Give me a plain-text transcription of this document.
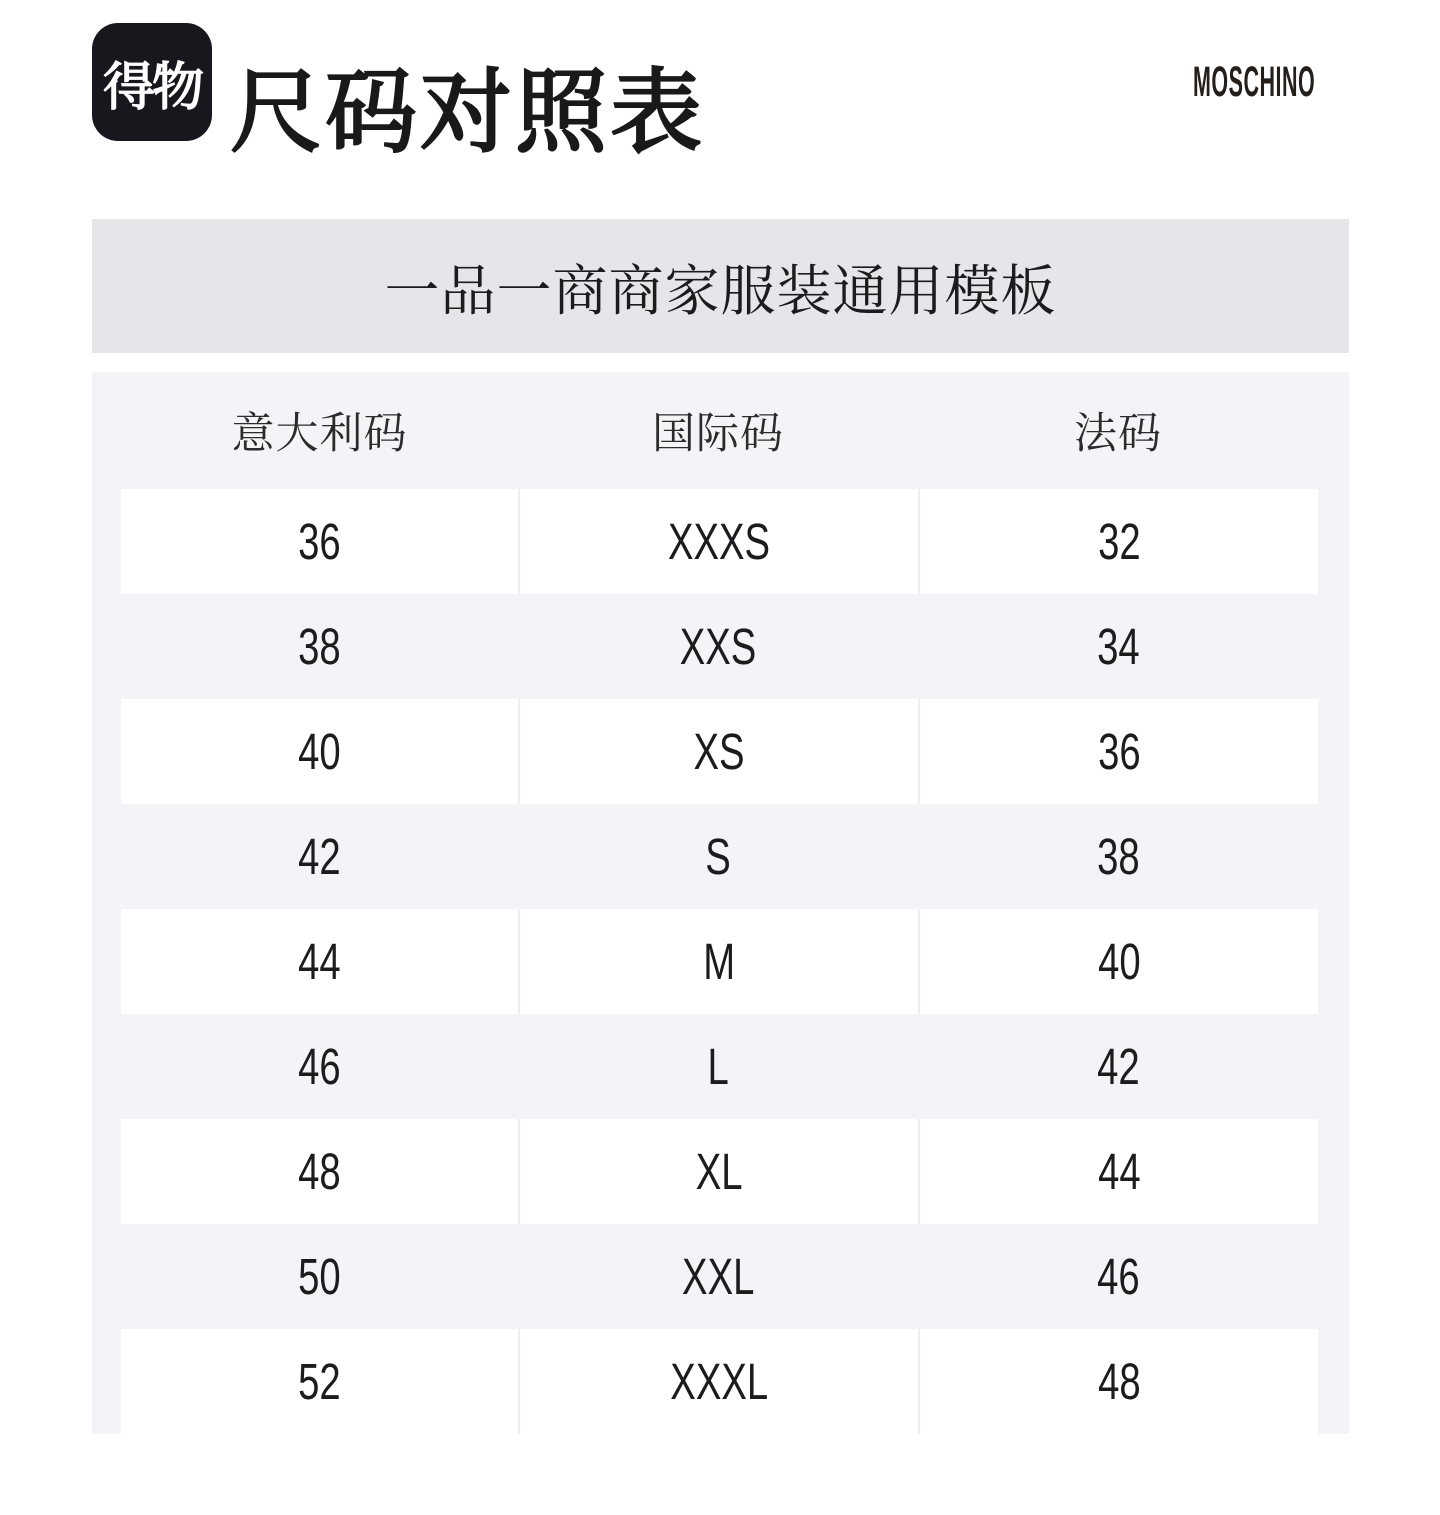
得物 尺码对照表	MOSCHINO
一品一商商家服装通用模板
意大利码	国际码	法码
36	XXXS	32
38	XXS	34
40	XS	36
42	S	38
44	M	40
46	L	42
48	XL	44
50	XXL	46
52	XXXL	48
